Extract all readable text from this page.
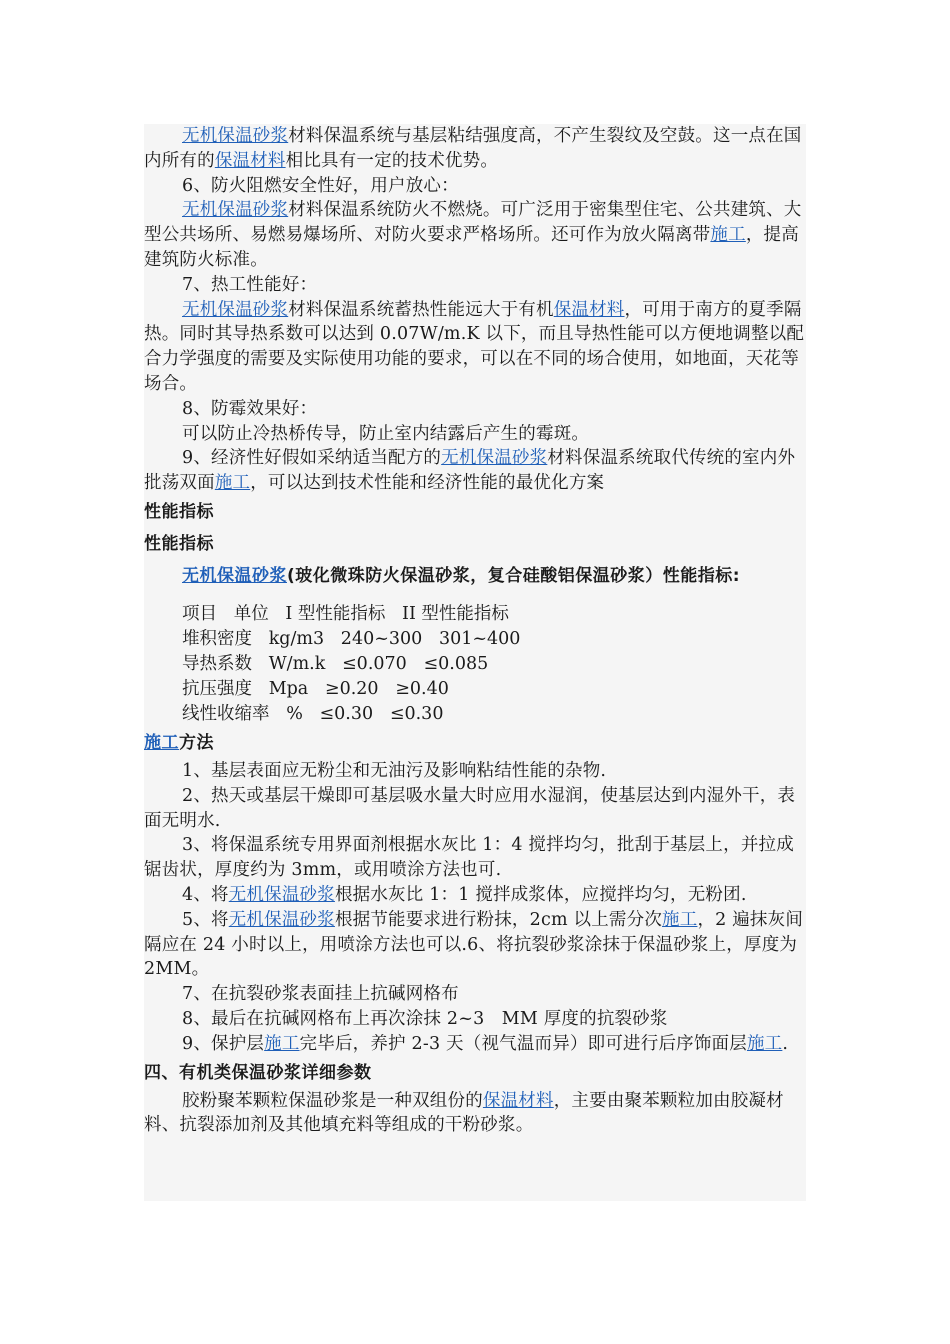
无机保温砂浆材料保温系统与基层粘结强度高，不产生裂纹及空鼓。这一点在国内所有的保温材料相比具有一定的技术优势。

6、防火阻燃安全性好，用户放心：

无机保温砂浆材料保温系统防火不燃烧。可广泛用于密集型住宅、公共建筑、大型公共场所、易燃易爆场所、对防火要求严格场所。还可作为放火隔离带施工，提高建筑防火标准。

7、热工性能好：

无机保温砂浆材料保温系统蓄热性能远大于有机保温材料，可用于南方的夏季隔热。同时其导热系数可以达到 0.07W/m.K 以下，而且导热性能可以方便地调整以配合力学强度的需要及实际使用功能的要求，可以在不同的场合使用，如地面，天花等场合。

8、防霉效果好：

可以防止冷热桥传导，防止室内结露后产生的霉斑。

9、经济性好假如采纳适当配方的无机保温砂浆材料保温系统取代传统的室内外批荡双面施工，可以达到技术性能和经济性能的最优化方案

性能指标

性能指标

无机保温砂浆(玻化微珠防火保温砂浆，复合硅酸铝保温砂浆）性能指标:

项目   单位   I 型性能指标   II 型性能指标

堆积密度   kg/m3   240~300   301~400

导热系数   W/m.k   ≤0.070   ≤0.085

抗压强度   Mpa   ≥0.20   ≥0.40

线性收缩率   %   ≤0.30   ≤0.30

施工方法

1、基层表面应无粉尘和无油污及影响粘结性能的杂物.

2、热天或基层干燥即可基层吸水量大时应用水湿润，使基层达到内湿外干，表面无明水.

3、将保温系统专用界面剂根据水灰比 1：4 搅拌均匀，批刮于基层上，并拉成锯齿状，厚度约为 3mm，或用喷涂方法也可.

4、将无机保温砂浆根据水灰比 1：1 搅拌成浆体，应搅拌均匀，无粉团.

5、将无机保温砂浆根据节能要求进行粉抹，2cm 以上需分次施工，2 遍抹灰间隔应在 24 小时以上，用喷涂方法也可以.6、将抗裂砂浆涂抹于保温砂浆上，厚度为 2MM。

7、在抗裂砂浆表面挂上抗碱网格布

8、最后在抗碱网格布上再次涂抹 2~3   MM 厚度的抗裂砂浆

9、保护层施工完毕后，养护 2-3 天（视气温而异）即可进行后序饰面层施工.

四、有机类保温砂浆详细参数

胶粉聚苯颗粒保温砂浆是一种双组份的保温材料，主要由聚苯颗粒加由胶凝材料、抗裂添加剂及其他填充料等组成的干粉砂浆。
